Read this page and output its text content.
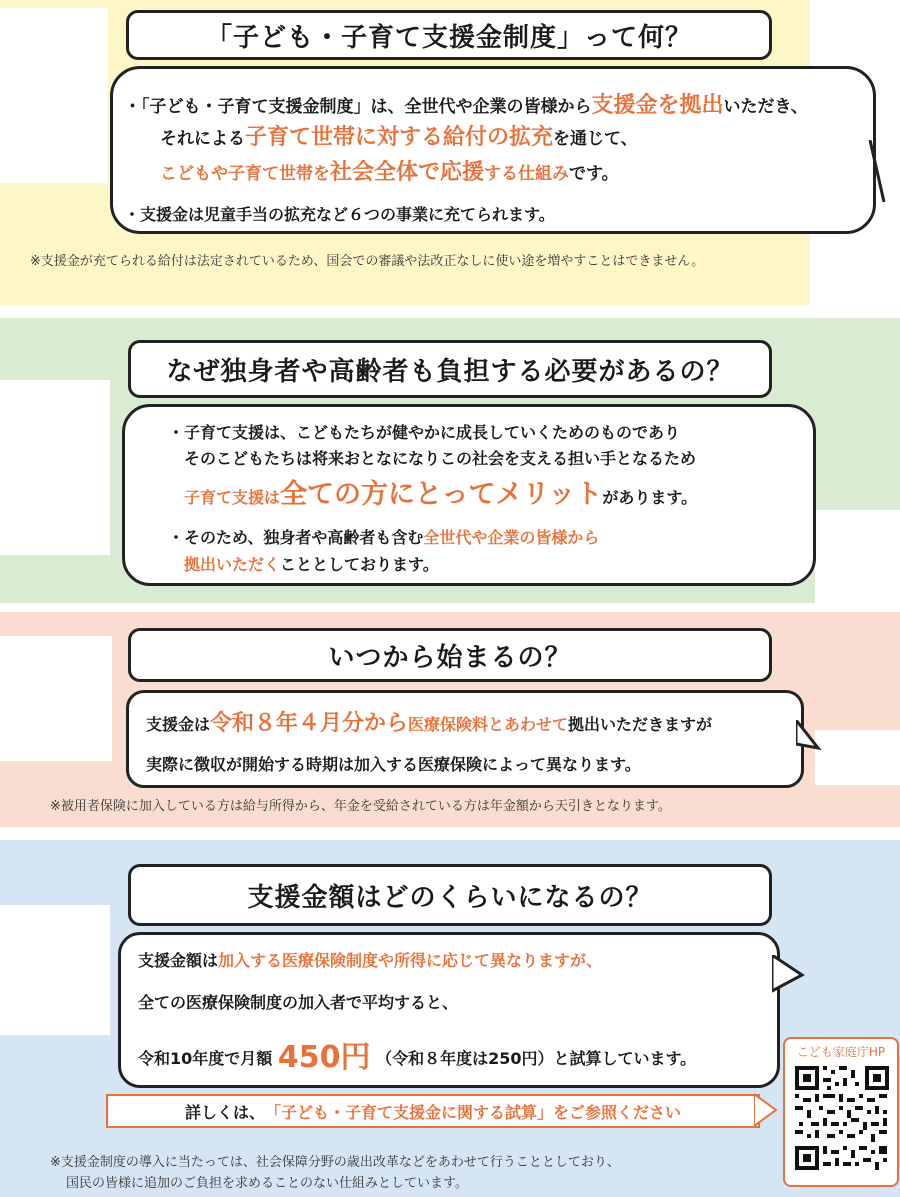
「子ども・子育て支援金制度」って何？
・「子ども・子育て支援金制度」は、全世代や企業の皆様から支援金を拠出いただき、
それによる子育て世帯に対する給付の拡充を通じて、
こどもや子育て世帯を社会全体で応援する仕組みです。
・支援金は児童手当の拡充など６つの事業に充てられます。
※支援金が充てられる給付は法定されているため、国会での審議や法改正なしに使い途を増やすことはできません。
なぜ独身者や高齢者も負担する必要があるの？
・子育て支援は、こどもたちが健やかに成長していくためのものであり
そのこどもたちは将来おとなになりこの社会を支える担い手となるため
子育て支援は全ての方にとってメリットがあります。
・そのため、独身者や高齢者も含む全世代や企業の皆様から
拠出いただくこととしております。
いつから始まるの？
支援金は令和８年４月分から医療保険料とあわせて拠出いただきますが
実際に徴収が開始する時期は加入する医療保険によって異なります。
※被用者保険に加入している方は給与所得から、年金を受給されている方は年金額から天引きとなります。
支援金額はどのくらいになるの？
支援金額は加入する医療保険制度や所得に応じて異なりますが、
全ての医療保険制度の加入者で平均すると、
令和10年度で月額 450円 （令和８年度は250円）と試算しています。
詳しくは、 「子ども・子育て支援金に関する試算」をご参照ください
※支援金制度の導入に当たっては、社会保障分野の歳出改革などをあわせて行うこととしており、
国民の皆様に追加のご負担を求めることのない仕組みとしています。
こども家庭庁HP
